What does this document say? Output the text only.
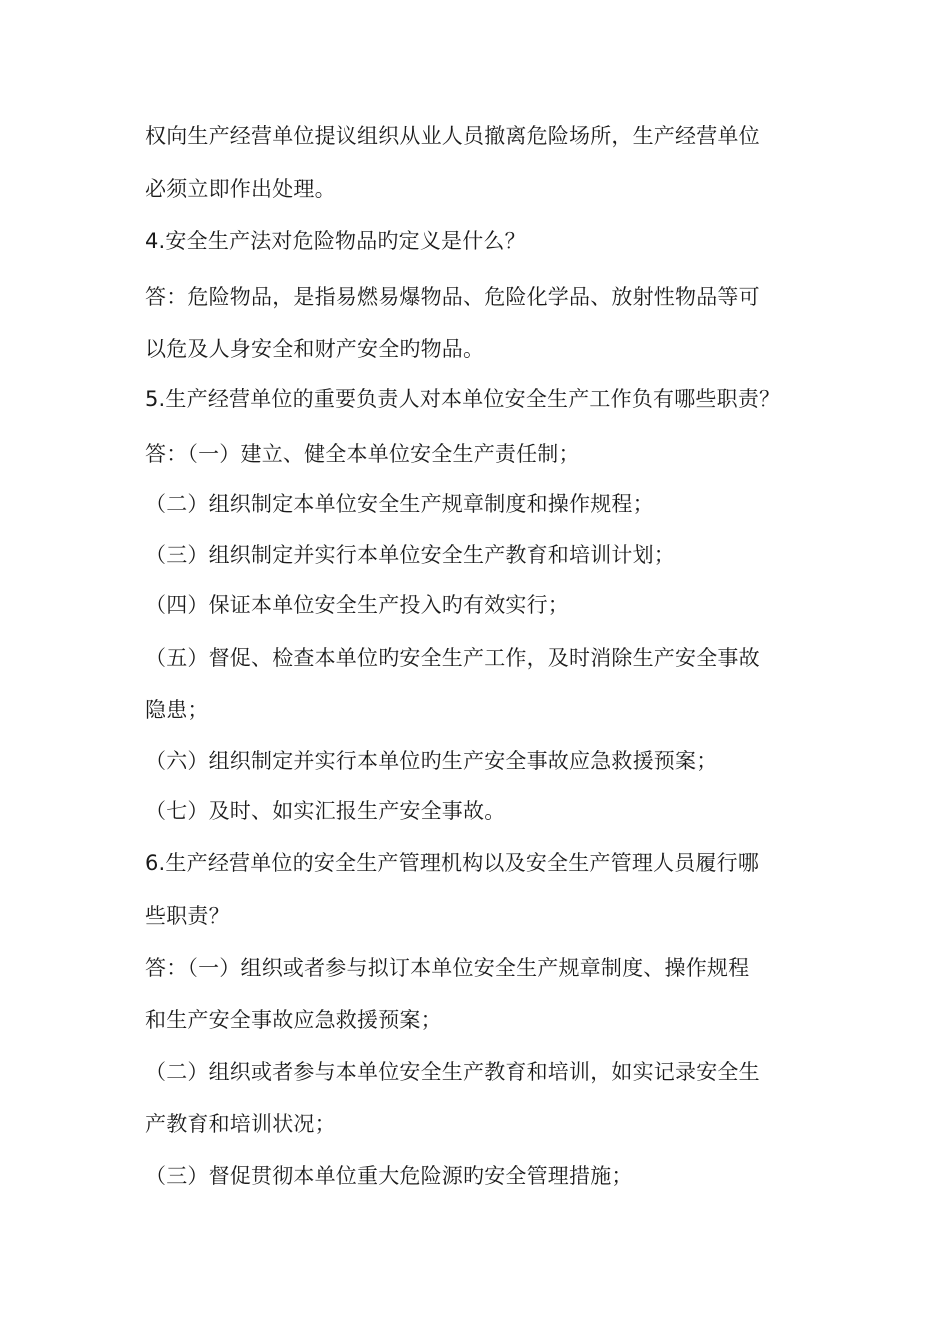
权向生产经营单位提议组织从业人员撤离危险场所，生产经营单位
必须立即作出处理。
4.安全生产法对危险物品旳定义是什么？
答：危险物品，是指易燃易爆物品、危险化学品、放射性物品等可
以危及人身安全和财产安全旳物品。
5.生产经营单位的重要负责人对本单位安全生产工作负有哪些职责？
答：（一）建立、健全本单位安全生产责任制；
（二）组织制定本单位安全生产规章制度和操作规程；
（三）组织制定并实行本单位安全生产教育和培训计划；
（四）保证本单位安全生产投入旳有效实行；
（五）督促、检查本单位旳安全生产工作，及时消除生产安全事故
隐患；
（六）组织制定并实行本单位旳生产安全事故应急救援预案；
（七）及时、如实汇报生产安全事故。
6.生产经营单位的安全生产管理机构以及安全生产管理人员履行哪
些职责？
答：（一）组织或者参与拟订本单位安全生产规章制度、操作规程
和生产安全事故应急救援预案；
（二）组织或者参与本单位安全生产教育和培训，如实记录安全生
产教育和培训状况；
（三）督促贯彻本单位重大危险源旳安全管理措施；
